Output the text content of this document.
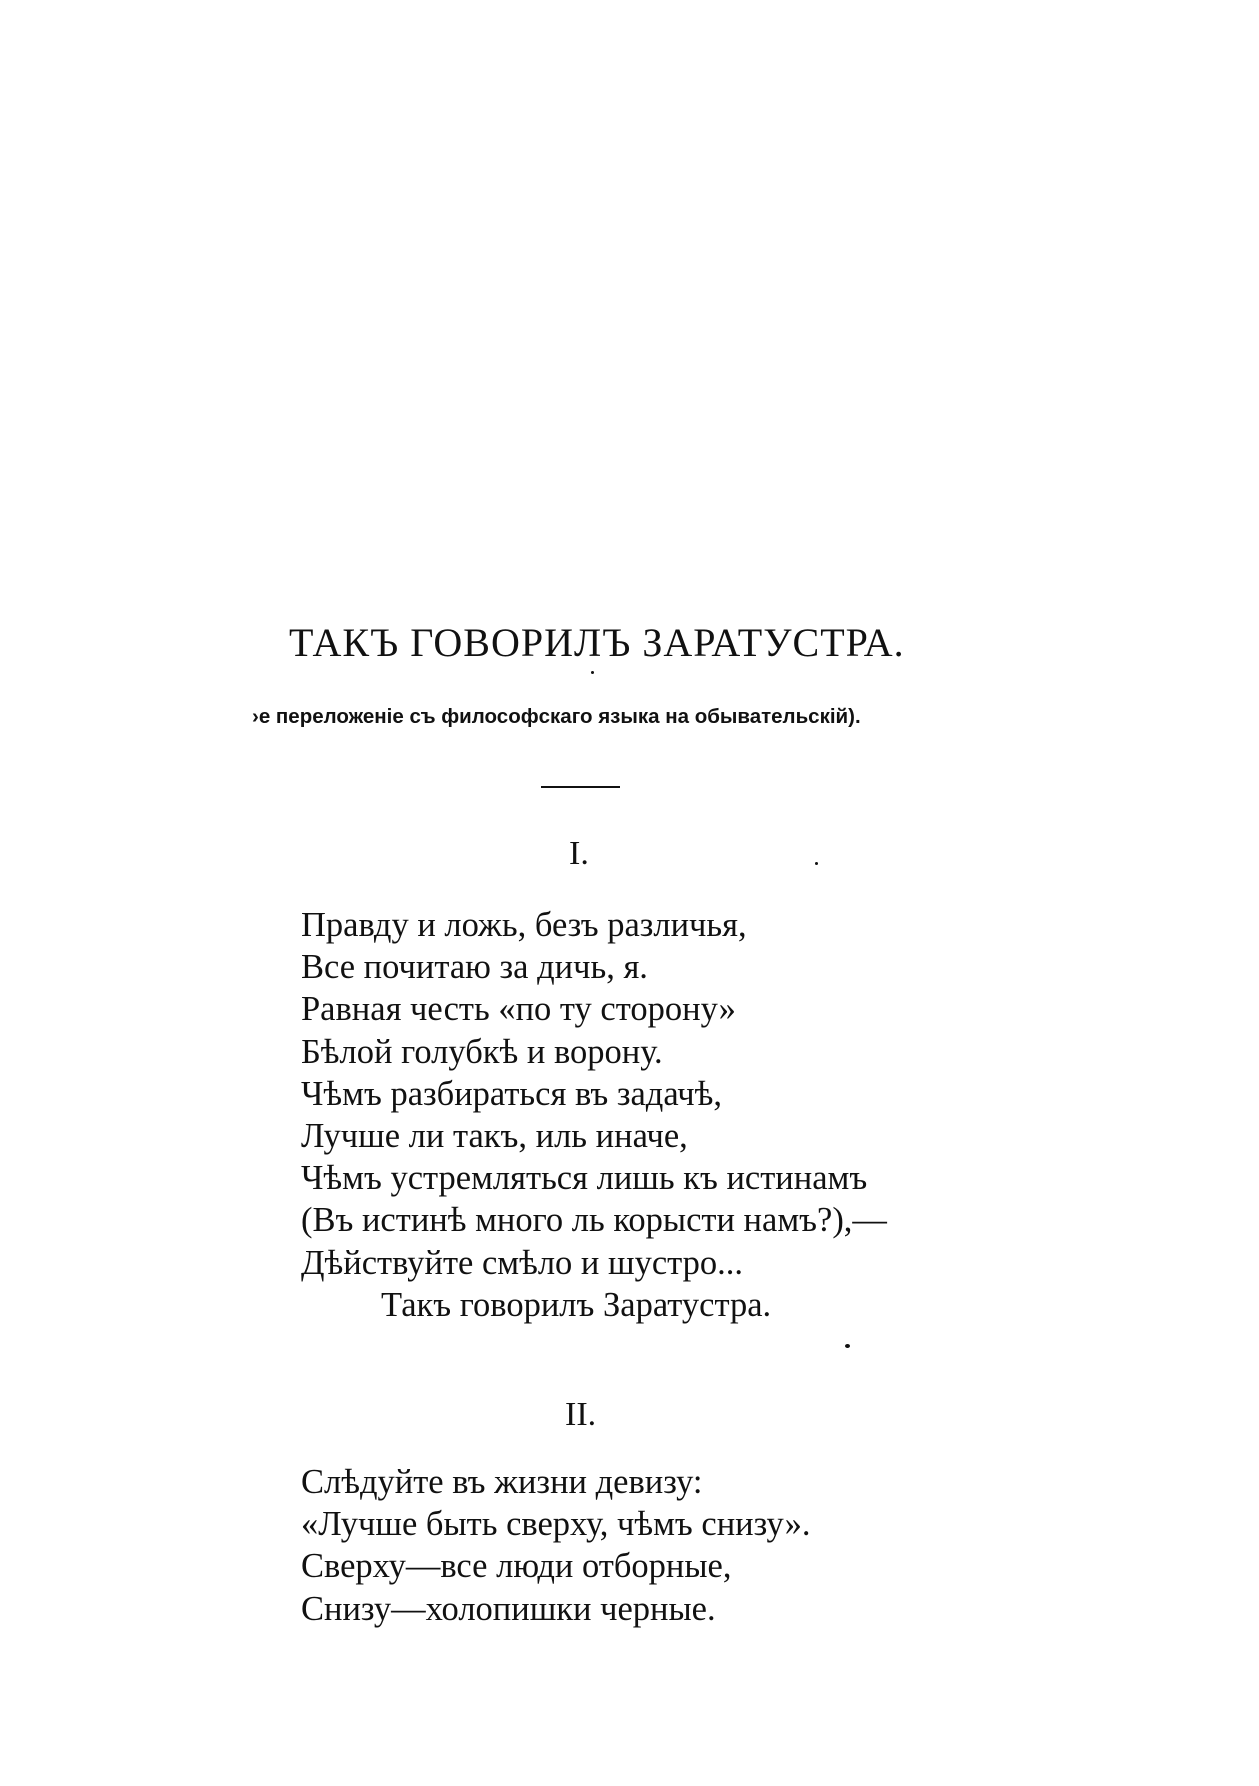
ТАКЪ ГОВОРИЛЪ ЗАРАТУСТРА.
›е переложенie съ философскаго языка на обывательскiй).
I.
Правду и ложь, безъ различья,
Все почитаю за дичь, я.
Равная честь «по ту сторону»
Бѣлой голубкѣ и ворону.
Чѣмъ разбираться въ задачѣ,
Лучше ли такъ, иль иначе,
Чѣмъ устремляться лишь къ истинамъ
(Въ истинѣ много ль корысти намъ?),—
Дѣйствуйте смѣло и шустро...
Такъ говорилъ Заратустра.
II.
Слѣдуйте въ жизни девизу:
«Лучше быть сверху, чѣмъ снизу».
Сверху—все люди отборные,
Снизу—холопишки черные.
